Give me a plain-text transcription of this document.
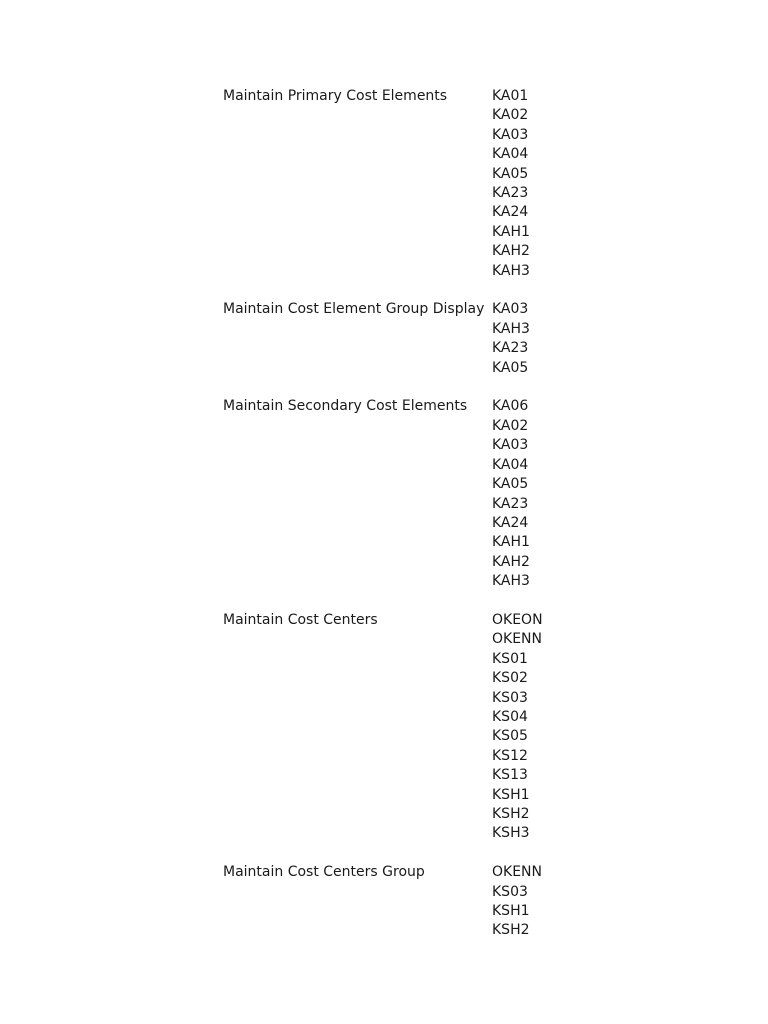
Maintain Primary Cost Elements	KA01
KA02
KA03
KA04
KA05
KA23
KA24
KAH1
KAH2
KAH3
Maintain Cost Element Group Display KA03
KAH3
KA23
KA05
Maintain Secondary Cost Elements	KA06
KA02
KA03
KA04
KA05
KA23
KA24
KAH1
KAH2
KAH3
Maintain Cost Centers	OKEON
OKENN
KS01
KS02
KS03
KS04
KS05
KS12
KS13
KSH1
KSH2
KSH3
Maintain Cost Centers Group	OKENN
KS03
KSH1
KSH2
